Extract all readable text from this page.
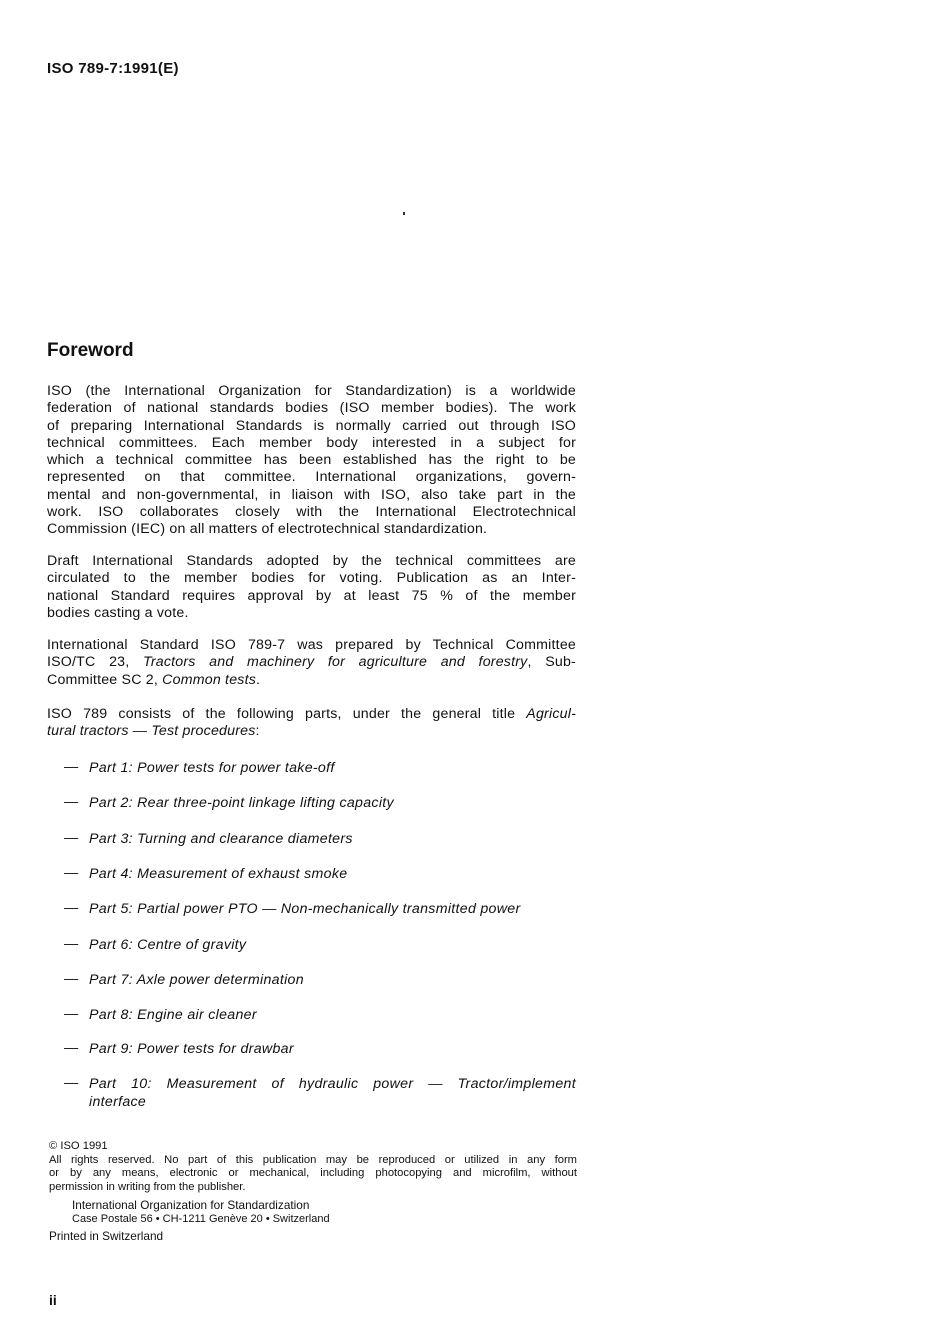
ISO 789-7:1991(E)
Foreword
ISO (the International Organization for Standardization) is a worldwide
federation of national standards bodies (ISO member bodies). The work
of preparing International Standards is normally carried out through ISO
technical committees. Each member body interested in a subject for
which a technical committee has been established has the right to be
represented on that committee. International organizations, govern-
mental and non-governmental, in liaison with ISO, also take part in the
work. ISO collaborates closely with the International Electrotechnical
Commission (IEC) on all matters of electrotechnical standardization.
Draft International Standards adopted by the technical committees are
circulated to the member bodies for voting. Publication as an Inter-
national Standard requires approval by at least 75 % of the member
bodies casting a vote.
International Standard ISO 789-7 was prepared by Technical Committee
ISO/TC 23, Tractors and machinery for agriculture and forestry, Sub-
Committee SC 2, Common tests.
ISO 789 consists of the following parts, under the general title Agricul-
tural tractors — Test procedures:
— Part 1: Power tests for power take-off
— Part 2: Rear three-point linkage lifting capacity
— Part 3: Turning and clearance diameters
— Part 4: Measurement of exhaust smoke
— Part 5: Partial power PTO — Non-mechanically transmitted power
— Part 6: Centre of gravity
— Part 7: Axle power determination
— Part 8: Engine air cleaner
— Part 9: Power tests for drawbar
— Part 10: Measurement of hydraulic power — Tractor/implement
interface
© ISO 1991
All rights reserved. No part of this publication may be reproduced or utilized in any form
or by any means, electronic or mechanical, including photocopying and microfilm, without
permission in writing from the publisher.
International Organization for Standardization
Case Postale 56 • CH-1211 Genève 20 • Switzerland
Printed in Switzerland
ii
